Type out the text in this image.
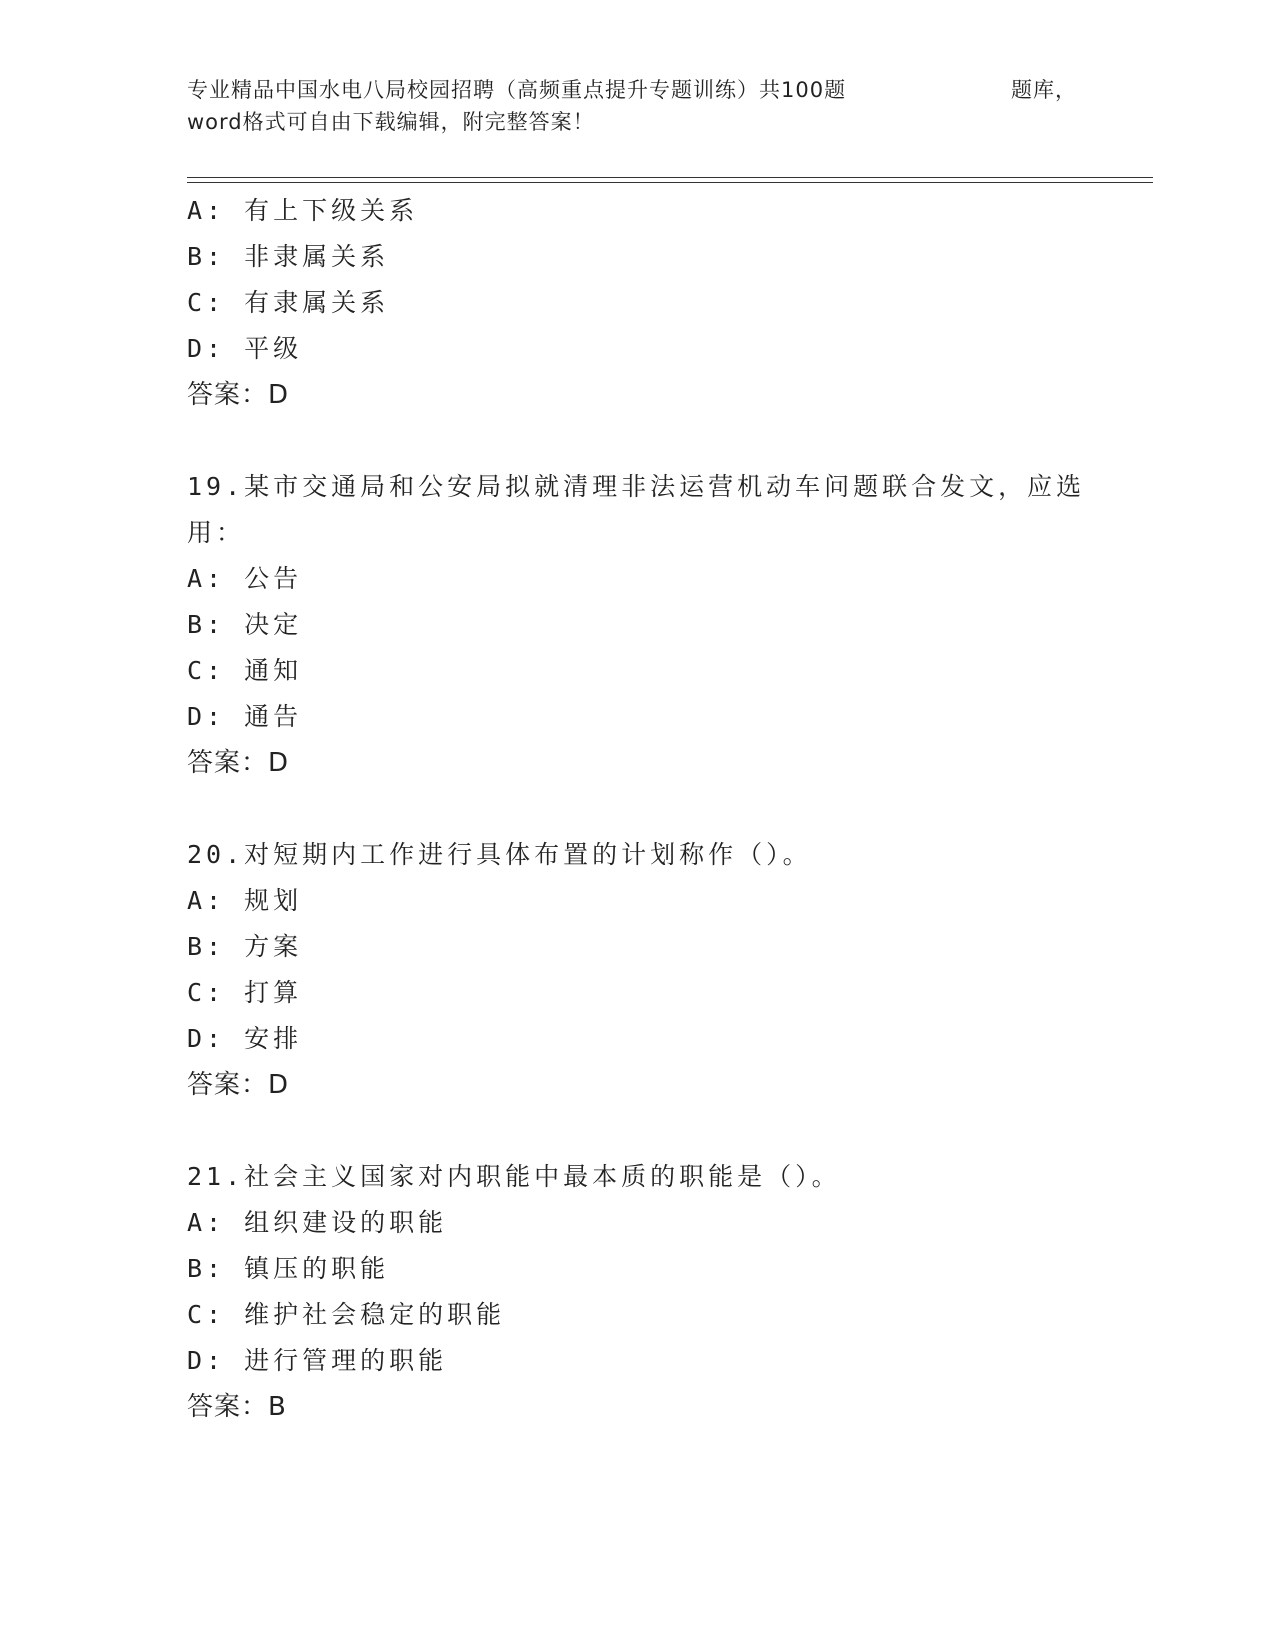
专业精品中国水电八局校园招聘（高频重点提升专题训练）共100题	题库，
word格式可自由下载编辑，附完整答案！
A: 有上下级关系
B: 非隶属关系
C: 有隶属关系
D: 平级
答案：D
19.某市交通局和公安局拟就清理非法运营机动车问题联合发文，应选
用：
A: 公告
B: 决定
C: 通知
D: 通告
答案：D
20.对短期内工作进行具体布置的计划称作（）。
A: 规划
B: 方案
C: 打算
D: 安排
答案：D
21.社会主义国家对内职能中最本质的职能是（）。
A: 组织建设的职能
B: 镇压的职能
C: 维护社会稳定的职能
D: 进行管理的职能
答案：B
